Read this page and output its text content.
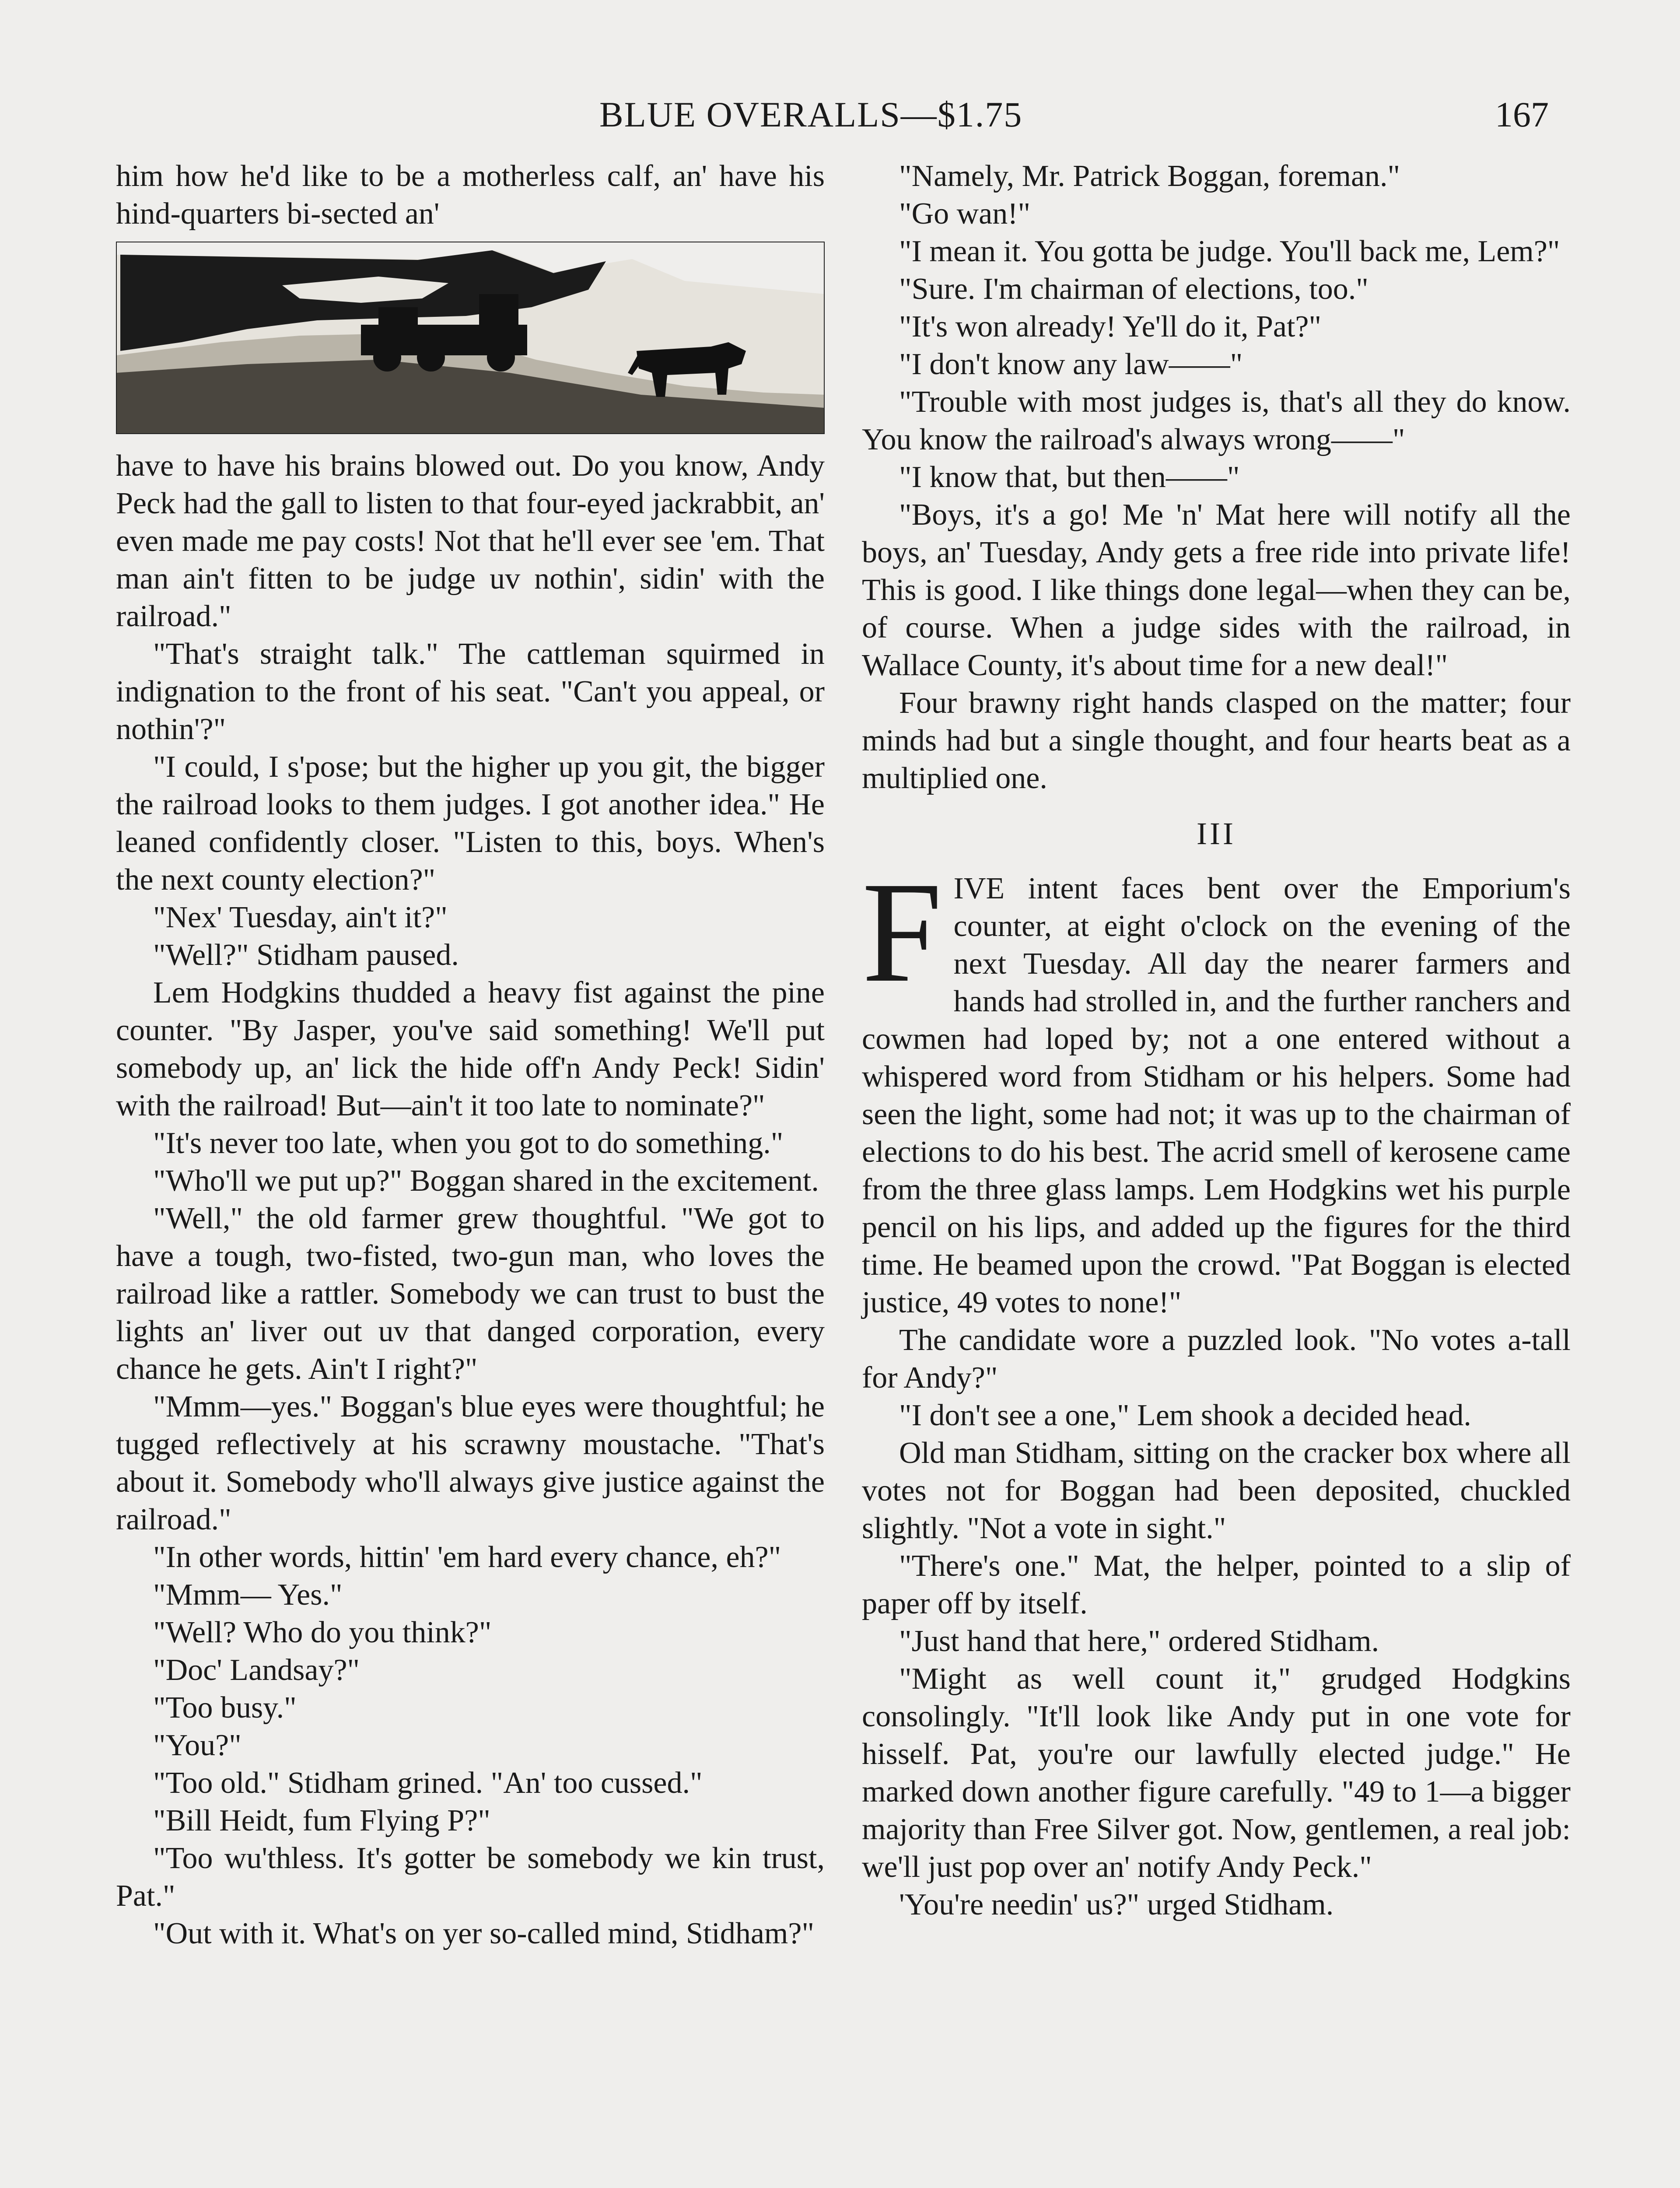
BLUE OVERALLS—$1.75	167

him how he'd like to be a motherless calf, an' have his hind-quarters bi-sected an'

have to have his brains blowed out. Do you know, Andy Peck had the gall to listen to that four-eyed jackrabbit, an' even made me pay costs! Not that he'll ever see 'em. That man ain't fitten to be judge uv nothin', sidin' with the railroad."

"That's straight talk." The cattleman squirmed in indignation to the front of his seat. "Can't you appeal, or nothin'?"

"I could, I s'pose; but the higher up you git, the bigger the railroad looks to them judges. I got another idea." He leaned confidently closer. "Listen to this, boys. When's the next county election?"

"Nex' Tuesday, ain't it?"

"Well?" Stidham paused.

Lem Hodgkins thudded a heavy fist against the pine counter. "By Jasper, you've said something! We'll put somebody up, an' lick the hide off'n Andy Peck! Sidin' with the railroad! But—ain't it too late to nominate?"

"It's never too late, when you got to do something."

"Who'll we put up?" Boggan shared in the excitement.

"Well," the old farmer grew thoughtful. "We got to have a tough, two-fisted, two-gun man, who loves the railroad like a rattler. Somebody we can trust to bust the lights an' liver out uv that danged corporation, every chance he gets. Ain't I right?"

"Mmm—yes." Boggan's blue eyes were thoughtful; he tugged reflectively at his scrawny moustache. "That's about it. Somebody who'll always give justice against the railroad."

"In other words, hittin' 'em hard every chance, eh?"

"Mmm— Yes."

"Well? Who do you think?"

"Doc' Landsay?"

"Too busy."

"You?"

"Too old." Stidham grined. "An' too cussed."

"Bill Heidt, fum Flying P?"

"Too wu'thless. It's gotter be somebody we kin trust, Pat."

"Out with it. What's on yer so-called mind, Stidham?"

"Namely, Mr. Patrick Boggan, foreman."

"Go wan!"

"I mean it. You gotta be judge. You'll back me, Lem?"

"Sure. I'm chairman of elections, too."

"It's won already! Ye'll do it, Pat?"

"I don't know any law——"

"Trouble with most judges is, that's all they do know. You know the railroad's always wrong——"

"I know that, but then——"

"Boys, it's a go! Me 'n' Mat here will notify all the boys, an' Tuesday, Andy gets a free ride into private life! This is good. I like things done legal—when they can be, of course. When a judge sides with the railroad, in Wallace County, it's about time for a new deal!"

Four brawny right hands clasped on the matter; four minds had but a single thought, and four hearts beat as a multiplied one.

III

FIVE intent faces bent over the Emporium's counter, at eight o'clock on the evening of the next Tuesday. All day the nearer farmers and hands had strolled in, and the further ranchers and cowmen had loped by; not a one entered without a whispered word from Stidham or his helpers. Some had seen the light, some had not; it was up to the chairman of elections to do his best. The acrid smell of kerosene came from the three glass lamps. Lem Hodgkins wet his purple pencil on his lips, and added up the figures for the third time. He beamed upon the crowd. "Pat Boggan is elected justice, 49 votes to none!"

The candidate wore a puzzled look. "No votes a-tall for Andy?"

"I don't see a one," Lem shook a decided head.

Old man Stidham, sitting on the cracker box where all votes not for Boggan had been deposited, chuckled slightly. "Not a vote in sight."

"There's one." Mat, the helper, pointed to a slip of paper off by itself.

"Just hand that here," ordered Stidham.

"Might as well count it," grudged Hodgkins consolingly. "It'll look like Andy put in one vote for hisself. Pat, you're our lawfully elected judge." He marked down another figure carefully. "49 to 1—a bigger majority than Free Silver got. Now, gentlemen, a real job: we'll just pop over an' notify Andy Peck."

'You're needin' us?" urged Stidham.
